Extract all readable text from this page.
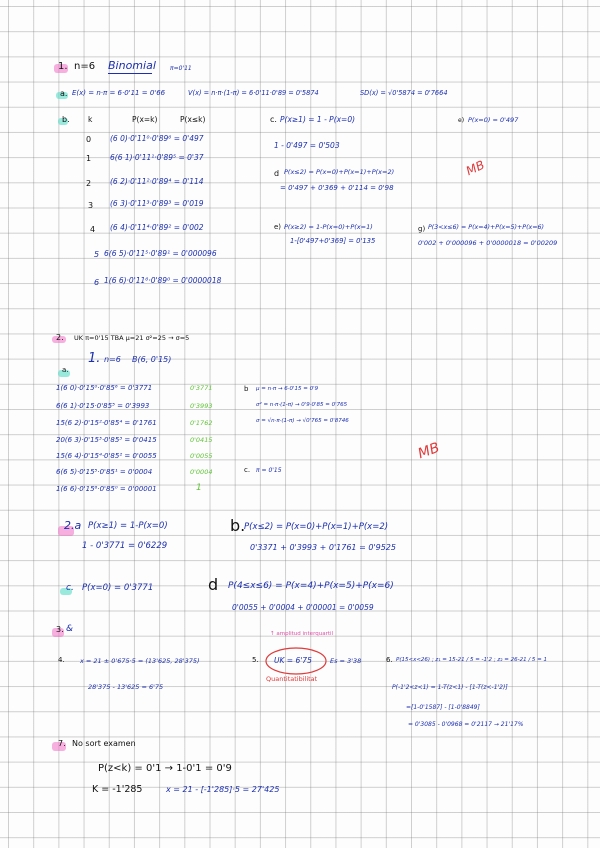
1. n=6 Binomial π=0'11
a. E(x) = n·π = 6·0'11 = 0'66	V(x) = n·π·(1-π) = 6·0'11·0'89 = 0'5874	SD(x) = √0'5874 = 0'7664
b. k	P(x=k)	P(x≤k)
0	(6 0)·0'11⁰·0'89⁶ = 0'497
1	6(6 1)·0'11¹·0'89⁵ = 0'37
2	(6 2)·0'11²·0'89⁴ = 0'114
3 (6 3)·0'11³·0'89³ = 0'019
4 (6 4)·0'11⁴·0'89² = 0'002
5 6(6 5)·0'11⁵·0'89¹ = 0'000096
6 1(6 6)·0'11⁶·0'89⁰ = 0'0000018
c. P(x≥1) = 1 - P(x=0)
1 - 0'497 = 0'503
e) P(x=0) = 0'497
d P(x≤2) = P(x=0)+P(x=1)+P(x=2)
= 0'497 + 0'369 + 0'114 = 0'98
MB
e) P(x≥2) = 1-P(x=0)+P(x=1)
1-[0'497+0'369] = 0'135
g) P(3<x≤6) = P(x=4)+P(x=5)+P(x=6)
0'002 + 0'000096 + 0'0000018 = 0'00209
2. UK π=0'15 TBA μ=21 σ²=25 → σ=5
1. n=6 B(6, 0'15)
a.
1(6 0)·0'15⁰·0'85⁶ = 0'3771	0'3771
6(6 1)·0'15·0'85⁵ = 0'3993	0'3993
15(6 2)·0'15²·0'85⁴ = 0'1761	0'1762
20(6 3)·0'15³·0'85³ = 0'0415	0'0415
15(6 4)·0'15⁴·0'85² = 0'0055	0'0055
6(6 5)·0'15⁵·0'85¹ = 0'0004	0'0004
1(6 6)·0'15⁶·0'85⁰ = 0'00001	1
b μ = n·π → 6·0'15 = 0'9
σ² = n·π·(1-π) → 0'9·0'85 = 0'765
σ = √n·π·(1-π) → √0'765 = 0'8746
c. π = 0'15
MB
2.a P(x≥1) = 1-P(x=0)
1 - 0'3771 = 0'6229
b.
P(x≤2) = P(x=0)+P(x=1)+P(x=2)
0'3371 + 0'3993 + 0'1761 = 0'9525
c. P(x=0) = 0'3771	d P(4≤x≤6) = P(x=4)+P(x=5)+P(x=6)
0'0055 + 0'0004 + 0'00001 = 0'0059
3. &
4. x = 21 ± 0'675·5 = (13'625, 28'375)
28'375 - 13'625 = 6'75
↑ amplitud interquartil
5. UK = 6'75	Es = 3'38
Quantitatibilitat
6. P(15<x<26) ; z₁ = 15-21 / 5 = -1'2 ; z₂ = 26-21 / 5 = 1
P(-1'2<z<1) = 1-T(z<1) - [1-T(z<-1'2)]
=[1-0'1587] - [1-0'8849]
= 0'3085 - 0'0968 = 0'2117 → 21'17%
7. No sort examen
P(z<k) = 0'1 → 1-0'1 = 0'9
K = -1'285	x = 21 - [-1'285]·5 = 27'425
